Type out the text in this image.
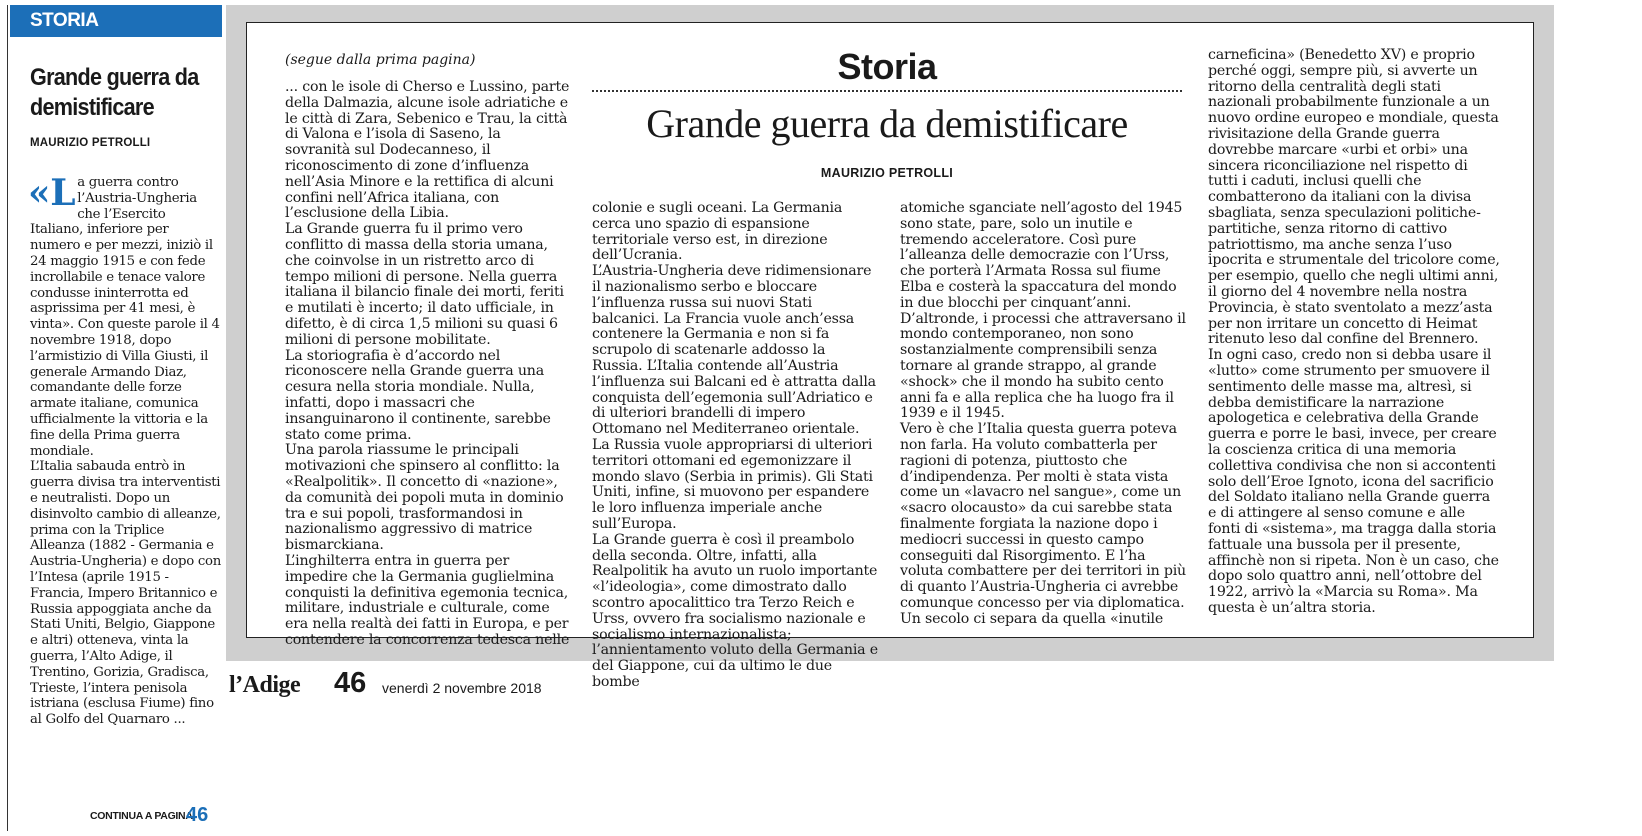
STORIA
Grande guerra da demistificare
MAURIZIO PETROLLI
«L a guerra contro l’Austria-Ungheria che l’Esercito Italiano, inferiore per numero e per mezzi, iniziò il 24 maggio 1915 e con fede incrollabile e tenace valore condusse ininterrotta ed asprissima per 41 mesi, è vinta». Con queste parole il 4 novembre 1918, dopo l’armistizio di Villa Giusti, il generale Armando Diaz, comandante delle forze armate italiane, comunica ufficialmente la vittoria e la fine della Prima guerra mondiale.

L’Italia sabauda entrò in guerra divisa tra interventisti e neutralisti. Dopo un disinvolto cambio di alleanze, prima con la Triplice Alleanza (1882 - Germania e Austria-Ungheria) e dopo con l’Intesa (aprile 1915 - Francia, Impero Britannico e Russia appoggiata anche da Stati Uniti, Belgio, Giappone e altri) otteneva, vinta la guerra, l’Alto Adige, il Trentino, Gorizia, Gradisca, Trieste, l’intera penisola istriana (esclusa Fiume) fino al Golfo del Quarnaro ...

CONTINUA A PAGINA
46
(segue dalla prima pagina)	Storia
Grande guerra da demistificare
MAURIZIO PETROLLI

... con le isole di Cherso e Lussino, parte della Dalmazia, alcune isole adriatiche e le città di Zara, Sebenico e Trau, la città di Valona e l’isola di Saseno, la sovranità sul Dodecanneso, il riconoscimento di zone d’influenza nell’Asia Minore e la rettifica di alcuni confini nell’Africa italiana, con l’esclusione della Libia.

La Grande guerra fu il primo vero conflitto di massa della storia umana, che coinvolse in un ristretto arco di tempo milioni di persone. Nella guerra italiana il bilancio finale dei morti, feriti e mutilati è incerto; il dato ufficiale, in difetto, è di circa 1,5 milioni su quasi 6 milioni di persone mobilitate.

La storiografia è d’accordo nel riconoscere nella Grande guerra una cesura nella storia mondiale. Nulla, infatti, dopo i massacri che insanguinarono il continente, sarebbe stato come prima.

Una parola riassume le principali motivazioni che spinsero al conflitto: la «Realpolitik». Il concetto di «nazione», da comunità dei popoli muta in dominio tra e sui popoli, trasformandosi in nazionalismo aggressivo di matrice bismarckiana.

L’inghilterra entra in guerra per impedire che la Germania guglielmina conquisti la definitiva egemonia tecnica, militare, industriale e culturale, come era nella realtà dei fatti in Europa, e per contendere la concorrenza tedesca nelle

colonie e sugli oceani. La Germania cerca uno spazio di espansione territoriale verso est, in direzione dell’Ucrania.

L’Austria-Ungheria deve ridimensionare il nazionalismo serbo e bloccare l’influenza russa sui nuovi Stati balcanici. La Francia vuole anch’essa contenere la Germania e non si fa scrupolo di scatenarle addosso la Russia. L’Italia contende all’Austria l’influenza sui Balcani ed è attratta dalla conquista dell’egemonia sull’Adriatico e di ulteriori brandelli di impero Ottomano nel Mediterraneo orientale. La Russia vuole appropriarsi di ulteriori territori ottomani ed egemonizzare il mondo slavo (Serbia in primis). Gli Stati Uniti, infine, si muovono per espandere le loro influenza imperiale anche sull’Europa.

La Grande guerra è così il preambolo della seconda. Oltre, infatti, alla Realpolitik ha avuto un ruolo importante «l’ideologia», come dimostrato dallo scontro apocalittico tra Terzo Reich e Urss, ovvero fra socialismo nazionale e socialismo internazionalista; l’annientamento voluto della Germania e del Giappone, cui da ultimo le due bombe

atomiche sganciate nell’agosto del 1945 sono state, pare, solo un inutile e tremendo acceleratore. Così pure l’alleanza delle democrazie con l’Urss, che porterà l’Armata Rossa sul fiume Elba e costerà la spaccatura del mondo in due blocchi per cinquant’anni.

D’altronde, i processi che attraversano il mondo contemporaneo, non sono sostanzialmente comprensibili senza tornare al grande strappo, al grande «shock» che il mondo ha subito cento anni fa e alla replica che ha luogo fra il 1939 e il 1945.

Vero è che l’Italia questa guerra poteva non farla. Ha voluto combatterla per ragioni di potenza, piuttosto che d’indipendenza. Per molti è stata vista come un «lavacro nel sangue», come un «sacro olocausto» da cui sarebbe stata finalmente forgiata la nazione dopo i mediocri successi in questo campo conseguiti dal Risorgimento. E l’ha voluta combattere per dei territori in più di quanto l’Austria-Ungheria ci avrebbe comunque concesso per via diplomatica.

Un secolo ci separa da quella «inutile

carneficina» (Benedetto XV) e proprio perché oggi, sempre più, si avverte un ritorno della centralità degli stati nazionali probabilmente funzionale a un nuovo ordine europeo e mondiale, questa rivisitazione della Grande guerra dovrebbe marcare «urbi et orbi» una sincera riconciliazione nel rispetto di tutti i caduti, inclusi quelli che combatterono da italiani con la divisa sbagliata, senza speculazioni politiche-partitiche, senza ritorno di cattivo patriottismo, ma anche senza l’uso ipocrita e strumentale del tricolore come, per esempio, quello che negli ultimi anni, il giorno del 4 novembre nella nostra Provincia, è stato sventolato a mezz’asta per non irritare un concetto di Heimat ritenuto leso dal confine del Brennero.

In ogni caso, credo non si debba usare il «lutto» come strumento per smuovere il sentimento delle masse ma, altresì, si debba demistificare la narrazione apologetica e celebrativa della Grande guerra e porre le basi, invece, per creare la coscienza critica di una memoria collettiva condivisa che non si accontenti solo dell’Eroe Ignoto, icona del sacrificio del Soldato italiano nella Grande guerra e di attingere al senso comune e alle fonti di «sistema», ma tragga dalla storia fattuale una bussola per il presente, affinchè non si ripeta. Non è un caso, che dopo solo quattro anni, nell’ottobre del 1922, arrivò la «Marcia su Roma». Ma questa è un’altra storia.

l’Adige 46 venerdì 2 novembre 2018
